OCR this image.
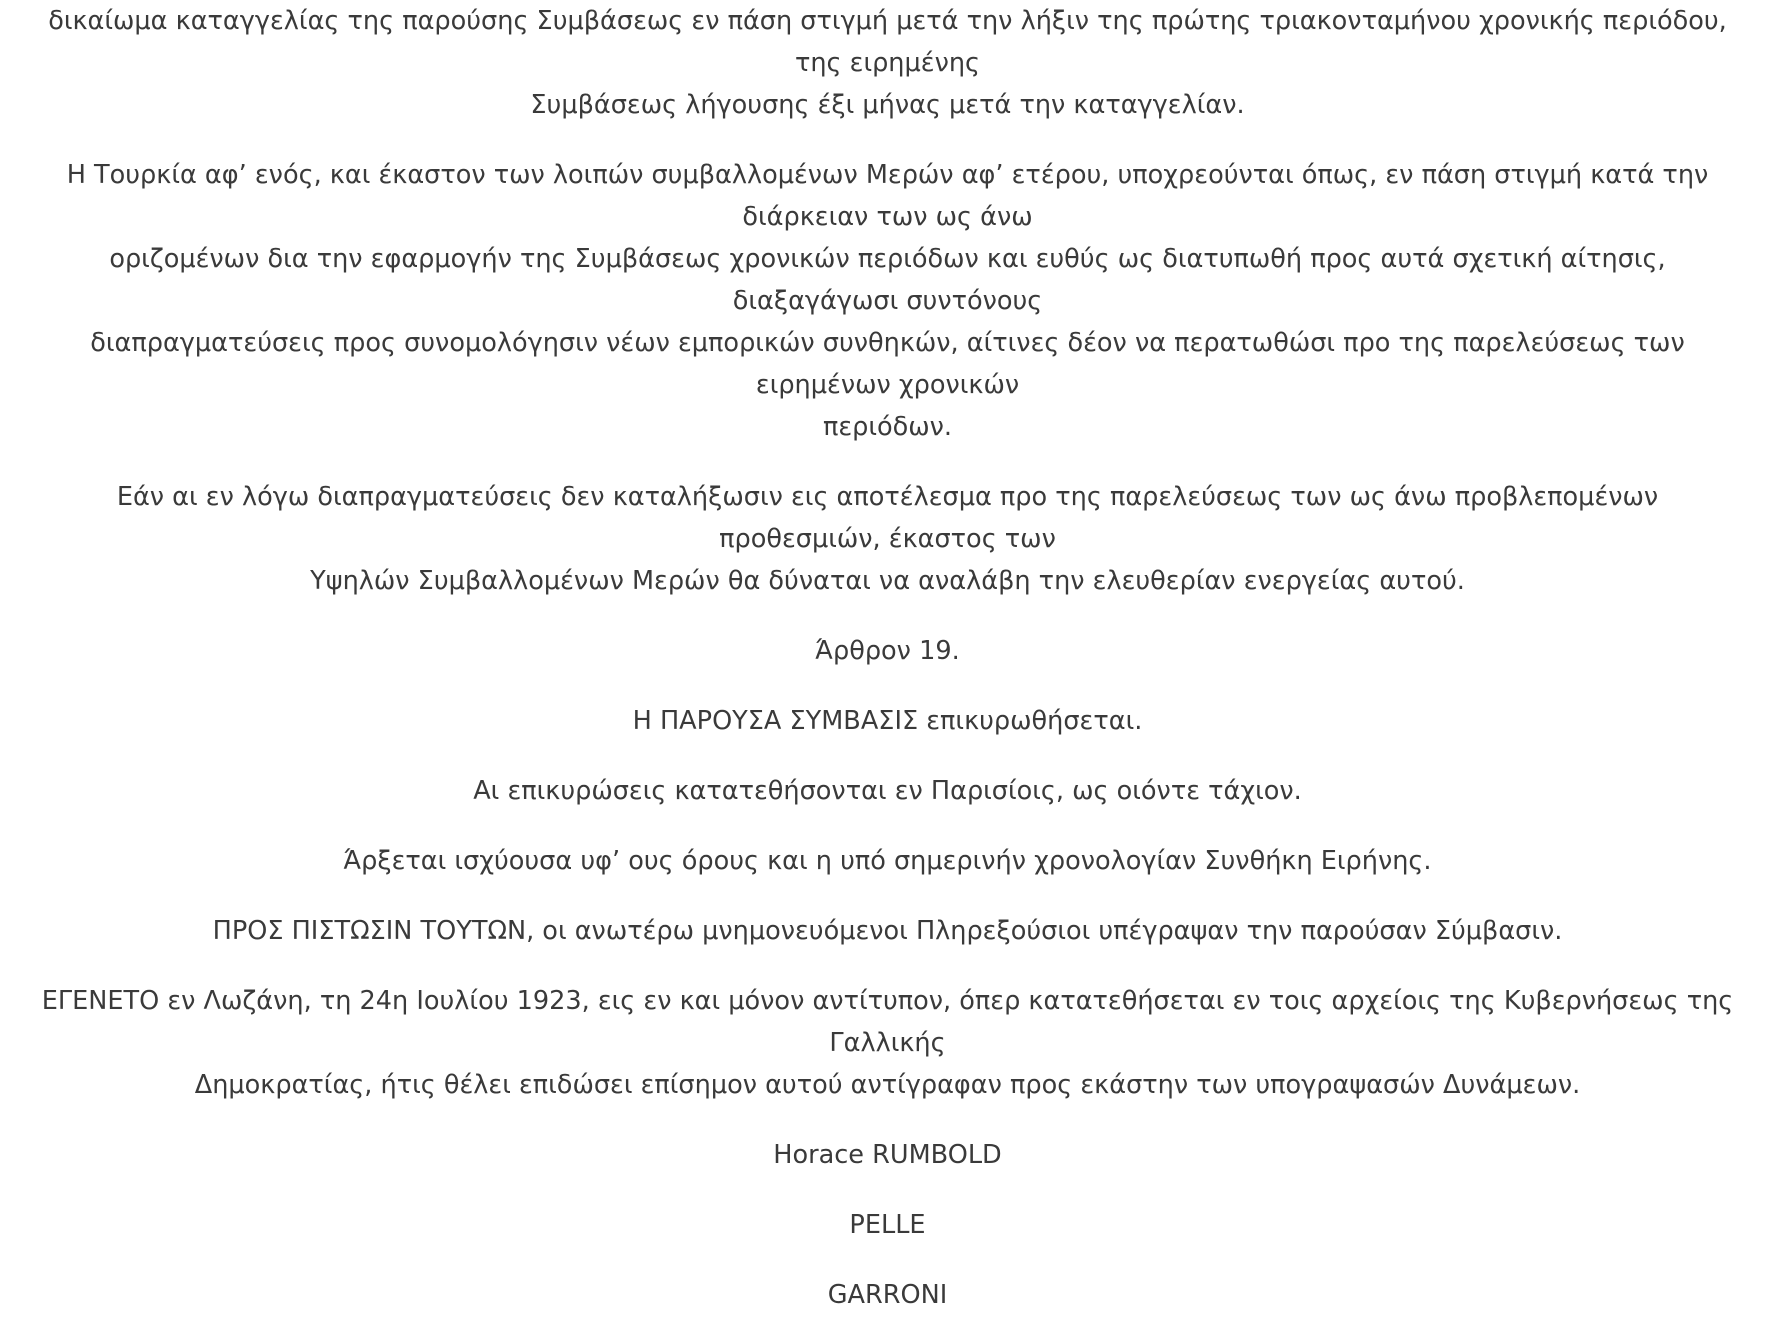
δικαίωμα καταγγελίας της παρούσης Συμβάσεως εν πάση στιγμή μετά την λήξιν της πρώτης τριακονταμήνου χρονικής περιόδου,
της ειρημένης
Συμβάσεως λήγουσης έξι μήνας μετά την καταγγελίαν.
Η Τουρκία αφ’ ενός, και έκαστον των λοιπών συμβαλλομένων Μερών αφ’ ετέρου, υποχρεούνται όπως, εν πάση στιγμή κατά την
διάρκειαν των ως άνω
οριζομένων δια την εφαρμογήν της Συμβάσεως χρονικών περιόδων και ευθύς ως διατυπωθή προς αυτά σχετική αίτησις,
διαξαγάγωσι συντόνους
διαπραγματεύσεις προς συνομολόγησιν νέων εμπορικών συνθηκών, αίτινες δέον να περατωθώσι προ της παρελεύσεως των
ειρημένων χρονικών
περιόδων.
Εάν αι εν λόγω διαπραγματεύσεις δεν καταλήξωσιν εις αποτέλεσμα προ της παρελεύσεως των ως άνω προβλεπομένων
προθεσμιών, έκαστος των
Υψηλών Συμβαλλομένων Μερών θα δύναται να αναλάβη την ελευθερίαν ενεργείας αυτού.
Άρθρον 19.
Η ΠΑΡΟΥΣΑ ΣΥΜΒΑΣΙΣ επικυρωθήσεται.
Αι επικυρώσεις κατατεθήσονται εν Παρισίοις, ως οιόντε τάχιον.
Άρξεται ισχύουσα υφ’ ους όρους και η υπό σημερινήν χρονολογίαν Συνθήκη Ειρήνης.
ΠΡΟΣ ΠΙΣΤΩΣΙΝ ΤΟΥΤΩΝ, οι ανωτέρω μνημονευόμενοι Πληρεξούσιοι υπέγραψαν την παρούσαν Σύμβασιν.
ΕΓΕΝΕΤΟ εν Λωζάνη, τη 24η Ιουλίου 1923, εις εν και μόνον αντίτυπον, όπερ κατατεθήσεται εν τοις αρχείοις της Κυβερνήσεως της
Γαλλικής
Δημοκρατίας, ήτις θέλει επιδώσει επίσημον αυτού αντίγραφαν προς εκάστην των υπογραψασών Δυνάμεων.
Horace RUMBOLD
PELLE
GARRONI
